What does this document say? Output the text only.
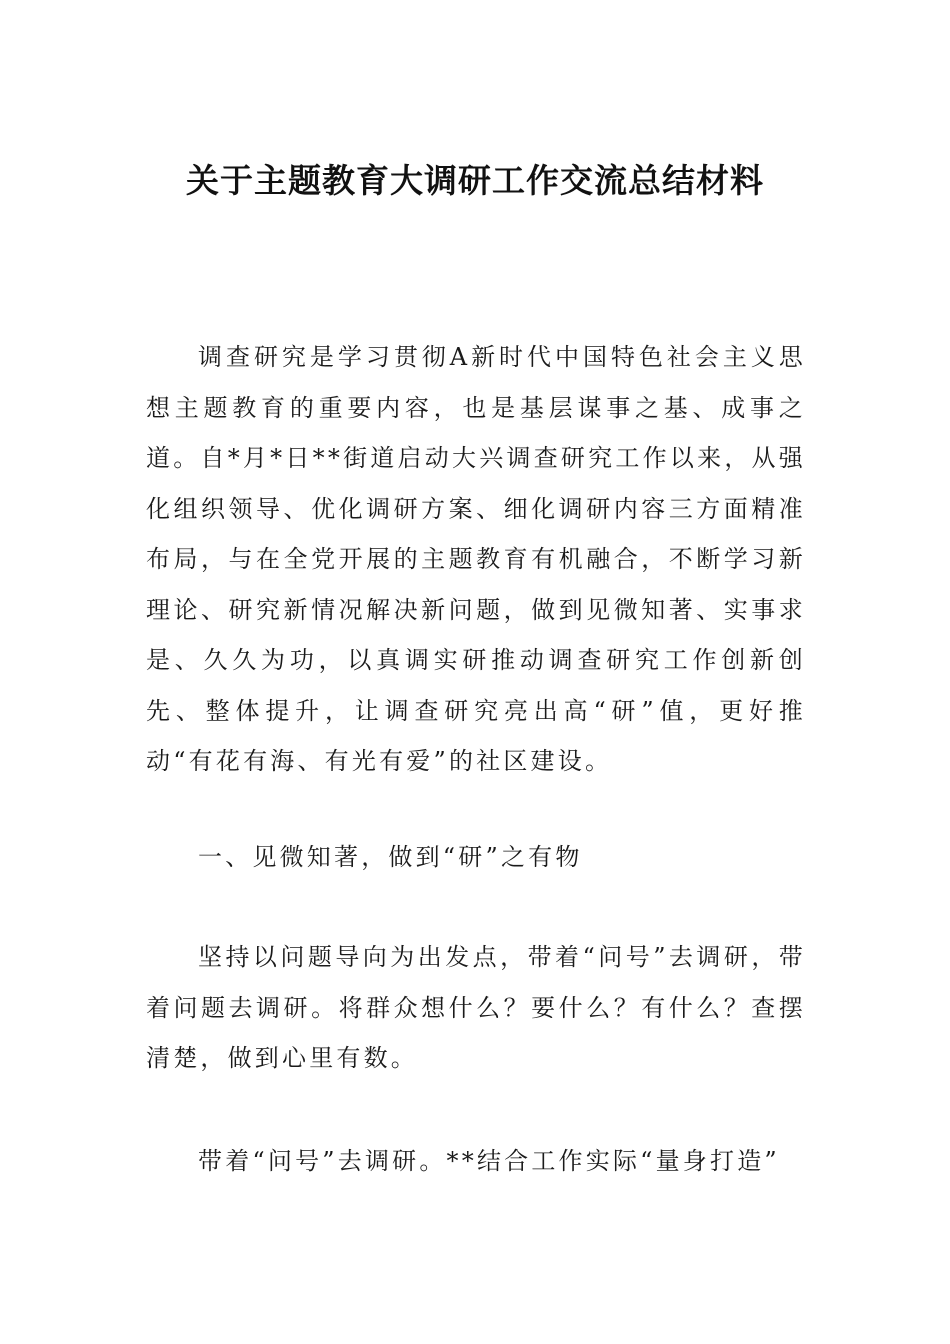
关于主题教育大调研工作交流总结材料

调查研究是学习贯彻A新时代中国特色社会主义思想主题教育的重要内容，也是基层谋事之基、成事之道。自*月*日**街道启动大兴调查研究工作以来，从强化组织领导、优化调研方案、细化调研内容三方面精准布局，与在全党开展的主题教育有机融合，不断学习新理论、研究新情况解决新问题，做到见微知著、实事求是、久久为功，以真调实研推动调查研究工作创新创先、整体提升，让调查研究亮出高“研”值，更好推动“有花有海、有光有爱”的社区建设。

一、见微知著，做到“研”之有物

坚持以问题导向为出发点，带着“问号”去调研，带着问题去调研。将群众想什么？要什么？有什么？查摆清楚，做到心里有数。

带着“问号”去调研。**结合工作实际“量身打造”
